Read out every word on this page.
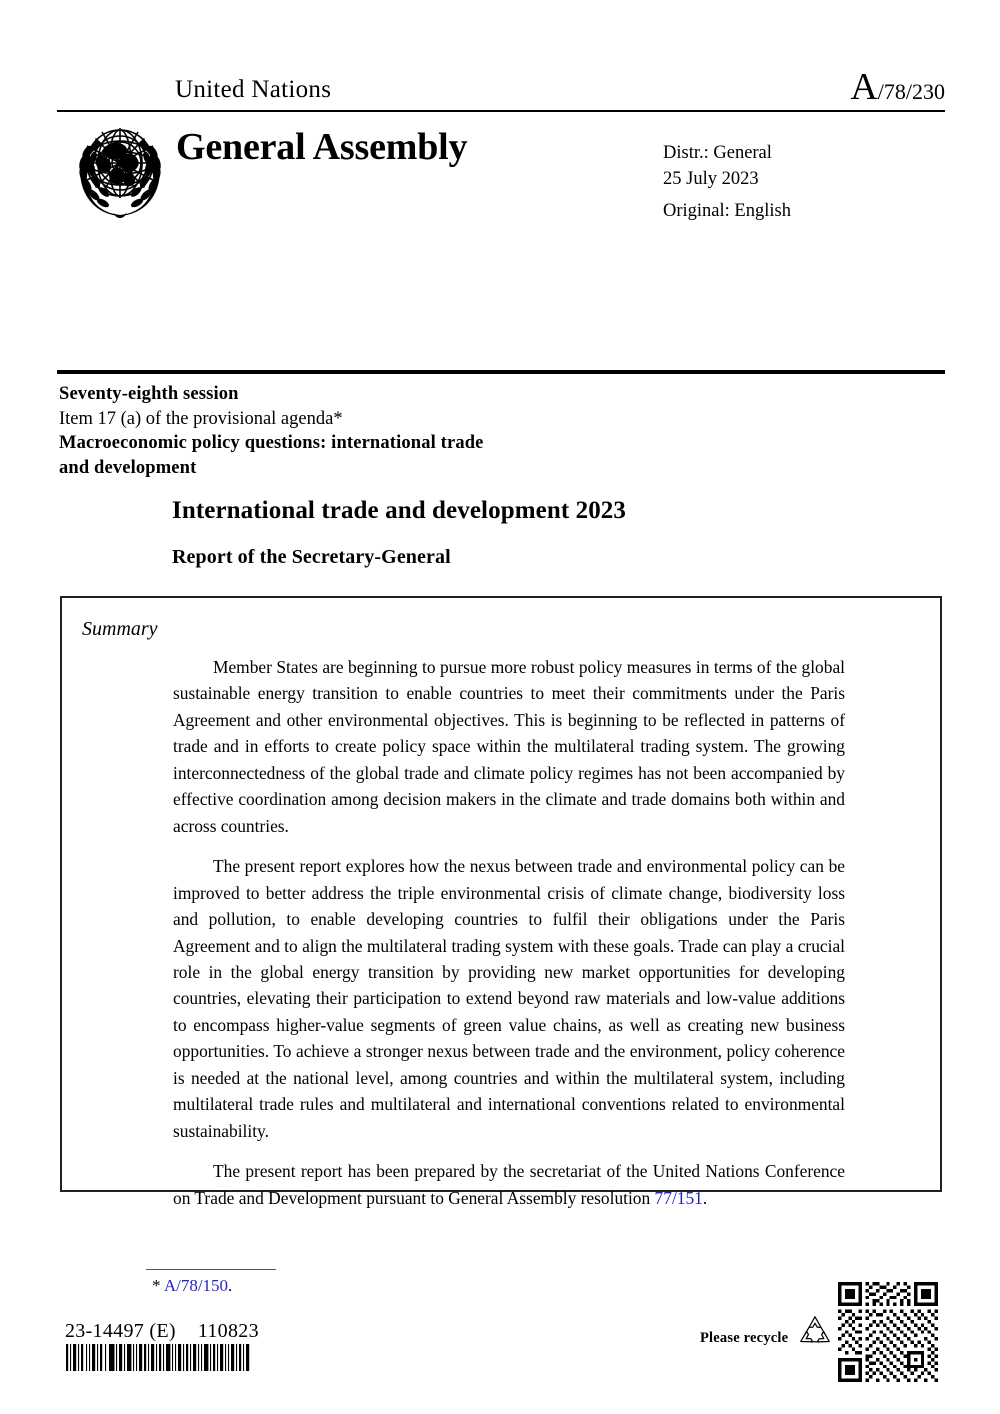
United Nations	A/78/230
General Assembly	Distr.: General
25 July 2023
Original: English
Seventy-eighth session
Item 17 (a) of the provisional agenda*
Macroeconomic policy questions: international trade
and development
International trade and development 2023
Report of the Secretary-General
Summary

Member States are beginning to pursue more robust policy measures in terms of the global sustainable energy transition to enable countries to meet their commitments under the Paris Agreement and other environmental objectives. This is beginning to be reflected in patterns of trade and in efforts to create policy space within the multilateral trading system. The growing interconnectedness of the global trade and climate policy regimes has not been accompanied by effective coordination among decision makers in the climate and trade domains both within and across countries.

The present report explores how the nexus between trade and environmental policy can be improved to better address the triple environmental crisis of climate change, biodiversity loss and pollution, to enable developing countries to fulfil their obligations under the Paris Agreement and to align the multilateral trading system with these goals. Trade can play a crucial role in the global energy transition by providing new market opportunities for developing countries, elevating their participation to extend beyond raw materials and low-value additions to encompass higher-value segments of green value chains, as well as creating new business opportunities. To achieve a stronger nexus between trade and the environment, policy coherence is needed at the national level, among countries and within the multilateral system, including multilateral trade rules and multilateral and international conventions related to environmental sustainability.

The present report has been prepared by the secretariat of the United Nations Conference on Trade and Development pursuant to General Assembly resolution 77/151.

* A/78/150.
23-14497 (E) 110823	Please recycle
